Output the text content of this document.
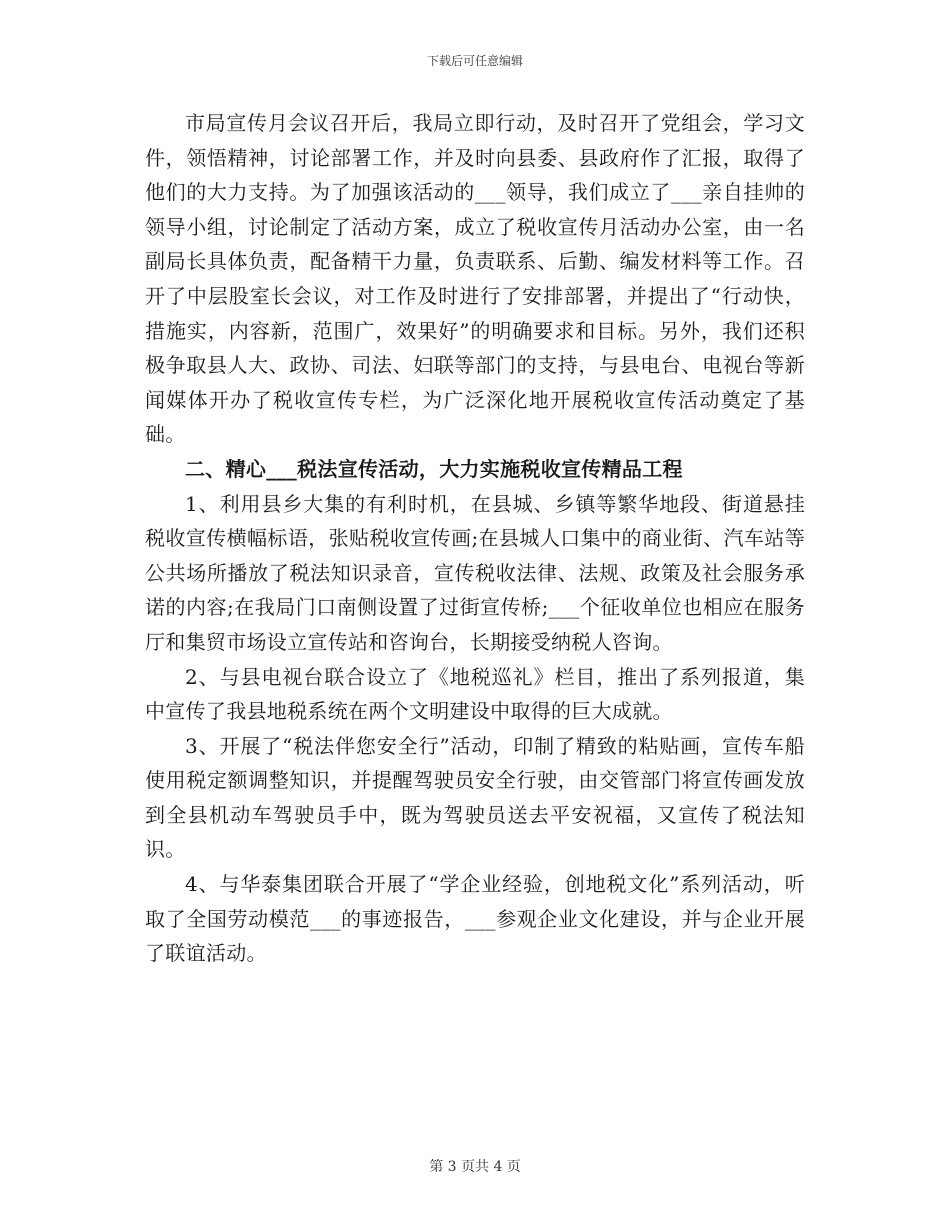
下载后可任意编辑

市局宣传月会议召开后，我局立即行动，及时召开了党组会，学习文件，领悟精神，讨论部署工作，并及时向县委、县政府作了汇报，取得了他们的大力支持。为了加强该活动的___领导，我们成立了___亲自挂帅的领导小组，讨论制定了活动方案，成立了税收宣传月活动办公室，由一名副局长具体负责，配备精干力量，负责联系、后勤、编发材料等工作。召开了中层股室长会议，对工作及时进行了安排部署，并提出了“行动快，措施实，内容新，范围广，效果好”的明确要求和目标。另外，我们还积极争取县人大、政协、司法、妇联等部门的支持，与县电台、电视台等新闻媒体开办了税收宣传专栏，为广泛深化地开展税收宣传活动奠定了基础。

二、精心___税法宣传活动，大力实施税收宣传精品工程

1、利用县乡大集的有利时机，在县城、乡镇等繁华地段、街道悬挂税收宣传横幅标语，张贴税收宣传画;在县城人口集中的商业街、汽车站等公共场所播放了税法知识录音，宣传税收法律、法规、政策及社会服务承诺的内容;在我局门口南侧设置了过街宣传桥;___个征收单位也相应在服务厅和集贸市场设立宣传站和咨询台，长期接受纳税人咨询。

2、与县电视台联合设立了《地税巡礼》栏目，推出了系列报道，集中宣传了我县地税系统在两个文明建设中取得的巨大成就。

3、开展了“税法伴您安全行”活动，印制了精致的粘贴画，宣传车船使用税定额调整知识，并提醒驾驶员安全行驶，由交管部门将宣传画发放到全县机动车驾驶员手中，既为驾驶员送去平安祝福，又宣传了税法知识。

4、与华泰集团联合开展了“学企业经验，创地税文化”系列活动，听取了全国劳动模范___的事迹报告，___参观企业文化建设，并与企业开展了联谊活动。

第 3 页共 4 页
